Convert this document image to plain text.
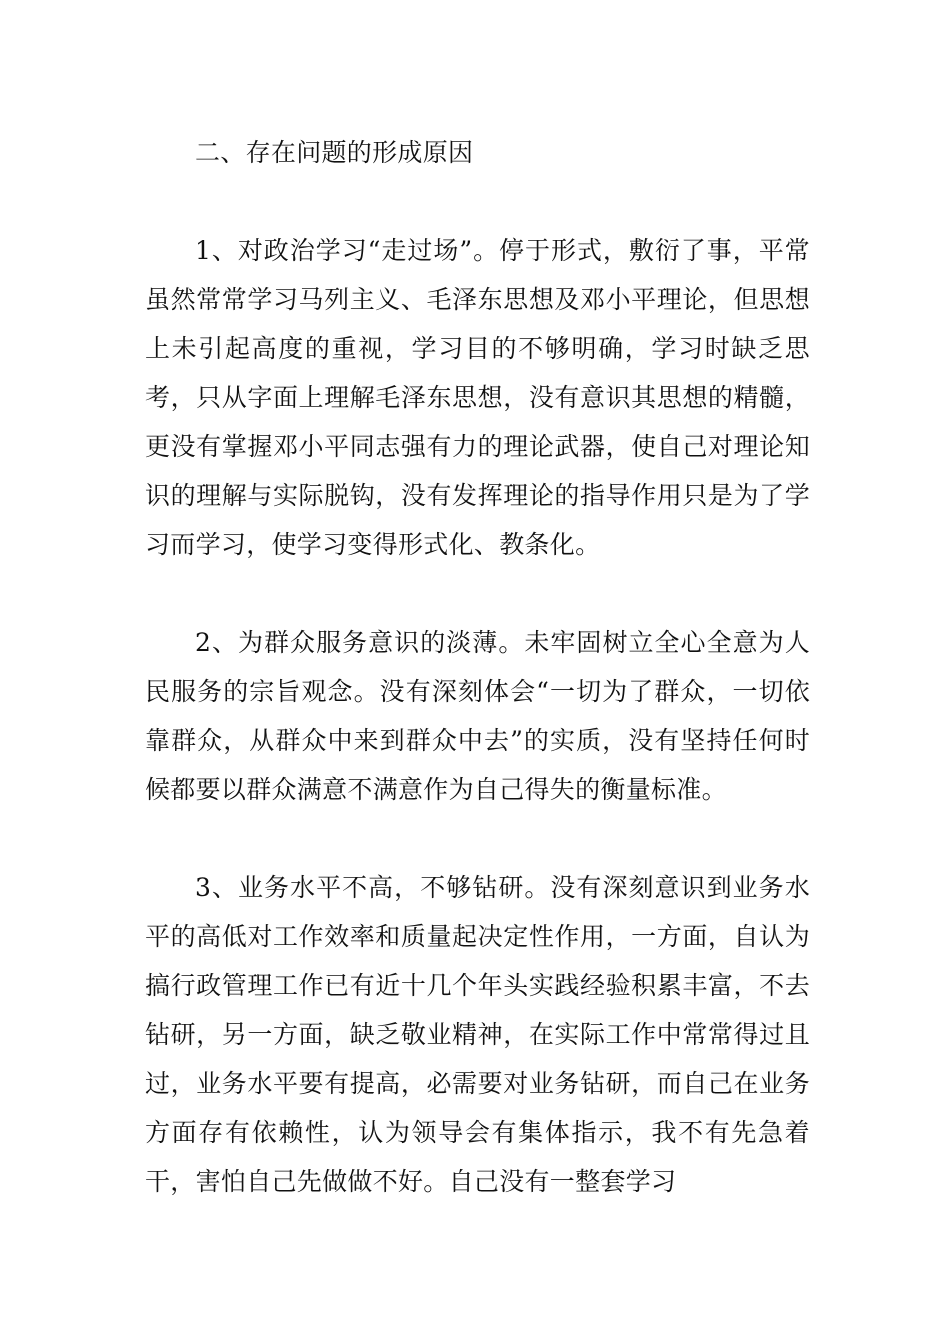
二、存在问题的形成原因

1、对政治学习“走过场”。停于形式，敷衍了事，平常虽然常常学习马列主义、毛泽东思想及邓小平理论，但思想上未引起高度的重视，学习目的不够明确，学习时缺乏思考，只从字面上理解毛泽东思想，没有意识其思想的精髓，更没有掌握邓小平同志强有力的理论武器，使自己对理论知识的理解与实际脱钩，没有发挥理论的指导作用只是为了学习而学习，使学习变得形式化、教条化。

2、为群众服务意识的淡薄。未牢固树立全心全意为人民服务的宗旨观念。没有深刻体会“一切为了群众，一切依靠群众，从群众中来到群众中去”的实质，没有坚持任何时候都要以群众满意不满意作为自己得失的衡量标准。

3、业务水平不高，不够钻研。没有深刻意识到业务水平的高低对工作效率和质量起决定性作用，一方面，自认为搞行政管理工作已有近十几个年头实践经验积累丰富，不去钻研，另一方面，缺乏敬业精神，在实际工作中常常得过且过，业务水平要有提高，必需要对业务钻研，而自己在业务方面存有依赖性，认为领导会有集体指示，我不有先急着干，害怕自己先做做不好。自己没有一整套学习
